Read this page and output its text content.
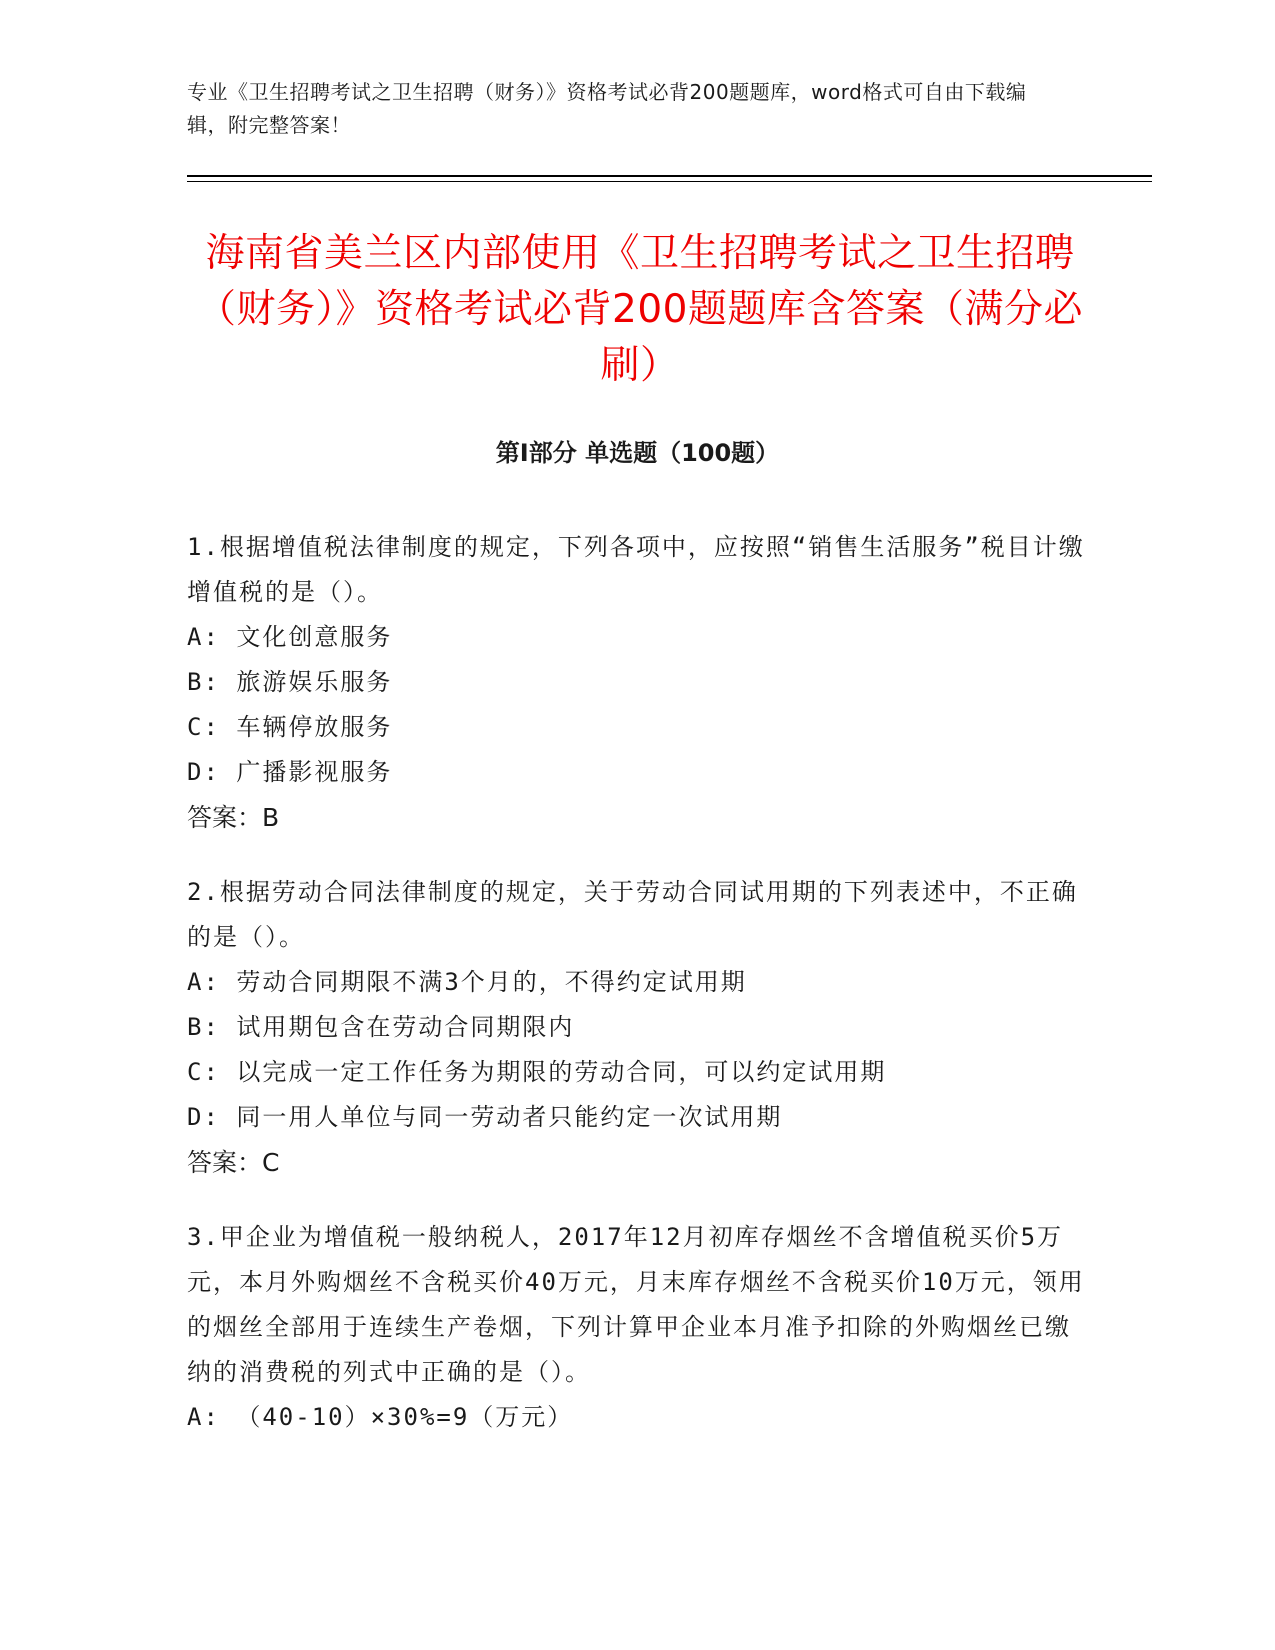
专业《卫生招聘考试之卫生招聘（财务）》资格考试必背200题题库，word格式可自由下载编辑，附完整答案！
海南省美兰区内部使用《卫生招聘考试之卫生招聘（财务）》资格考试必背200题题库含答案（满分必刷）
第Ⅰ部分 单选题（100题）

1.根据增值税法律制度的规定，下列各项中，应按照“销售生活服务”税目计缴增值税的是（）。

A: 文化创意服务

B: 旅游娱乐服务

C: 车辆停放服务

D: 广播影视服务

答案：B

2.根据劳动合同法律制度的规定，关于劳动合同试用期的下列表述中，不正确的是（）。

A: 劳动合同期限不满3个月的，不得约定试用期

B: 试用期包含在劳动合同期限内

C: 以完成一定工作任务为期限的劳动合同，可以约定试用期

D: 同一用人单位与同一劳动者只能约定一次试用期

答案：C

3.甲企业为增值税一般纳税人，2017年12月初库存烟丝不含增值税买价5万元，本月外购烟丝不含税买价40万元，月末库存烟丝不含税买价10万元，领用的烟丝全部用于连续生产卷烟，下列计算甲企业本月准予扣除的外购烟丝已缴纳的消费税的列式中正确的是（）。

A: （40-10）×30%=9（万元）
